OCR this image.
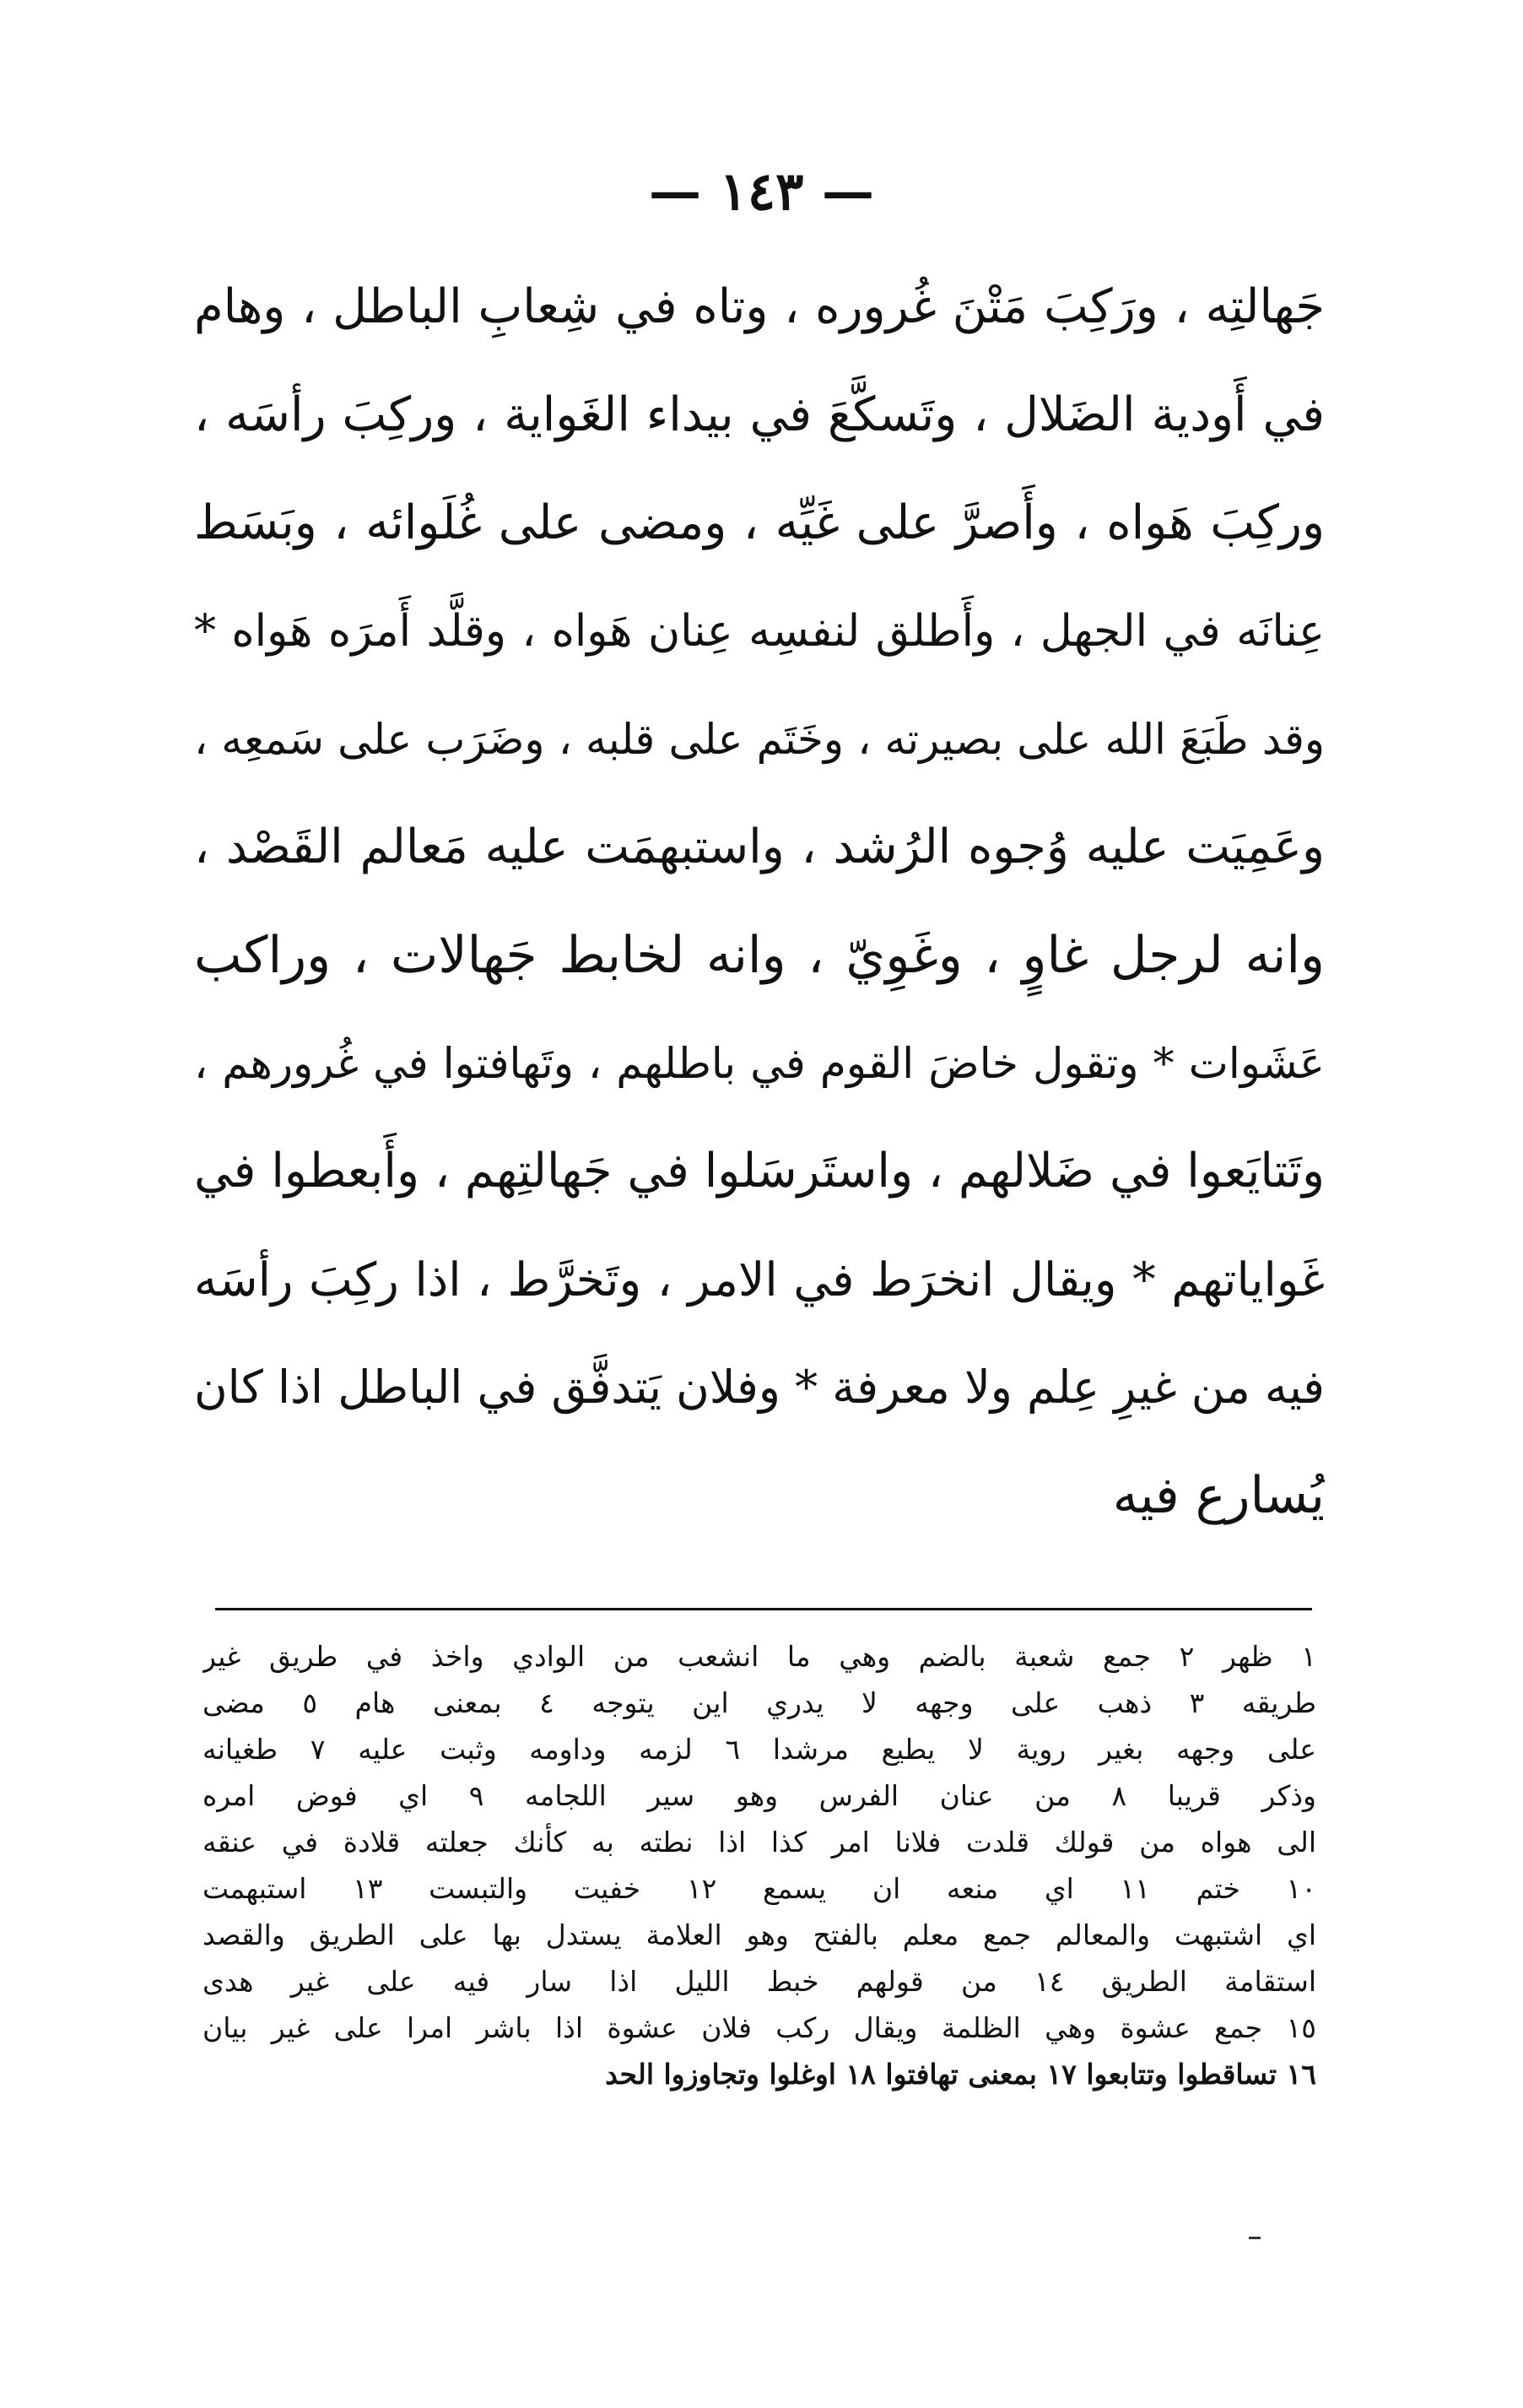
— ١٤٣ —
جَهالتِه ، ورَكِبَ مَتْنَ غُروره ، وتاه في شِعابِ الباطل ، وهام
في أَودية الضَلال ، وتَسكَّعَ في بيداء الغَواية ، وركِبَ رأسَه ،
وركِبَ هَواه ، وأَصرَّ على غَيِّه ، ومضى على غُلَوائه ، وبَسَط
عِنانَه في الجهل ، وأَطلق لنفسِه عِنان هَواه ، وقلَّد أَمرَه هَواه *
وقد طَبَعَ الله على بصيرته ، وخَتَم على قلبه ، وضَرَب على سَمعِه ،
وعَمِيَت عليه وُجوه الرُشد ، واستبهمَت عليه مَعالم القَصْد ،
وانه لرجل غاوٍ ، وغَوِيّ ، وانه لخابط جَهالات ، وراكب
عَشَوات * وتقول خاضَ القوم في باطلهم ، وتَهافتوا في غُرورهم ،
وتَتايَعوا في ضَلالهم ، واستَرسَلوا في جَهالتِهم ، وأَبعطوا في
غَواياتهم * ويقال انخرَط في الامر ، وتَخرَّط ، اذا ركِبَ رأسَه
فيه من غيرِ عِلم ولا معرفة * وفلان يَتدفَّق في الباطل اذا كان
يُسارع فيه
١ ظهر ٢ جمع شعبة بالضم وهي ما انشعب من الوادي واخذ في طريق غير
طريقه ٣ ذهب على وجهه لا يدري اين يتوجه ٤ بمعنى هام ٥ مضى
على وجهه بغير روية لا يطيع مرشدا ٦ لزمه وداومه وثبت عليه ٧ طغيانه
وذكر قريبا ٨ من عنان الفرس وهو سير اللجامه ٩ اي فوض امره
الى هواه من قولك قلدت فلانا امر كذا اذا نطته به كأنك جعلته قلادة في عنقه
١٠ ختم ١١ اي منعه ان يسمع ١٢ خفيت والتبست ١٣ استبهمت
اي اشتبهت والمعالم جمع معلم بالفتح وهو العلامة يستدل بها على الطريق والقصد
استقامة الطريق ١٤ من قولهم خبط الليل اذا سار فيه على غير هدى
١٥ جمع عشوة وهي الظلمة ويقال ركب فلان عشوة اذا باشر امرا على غير بيان
١٦ تساقطوا وتتابعوا ١٧ بمعنى تهافتوا ١٨ اوغلوا وتجاوزوا الحد
